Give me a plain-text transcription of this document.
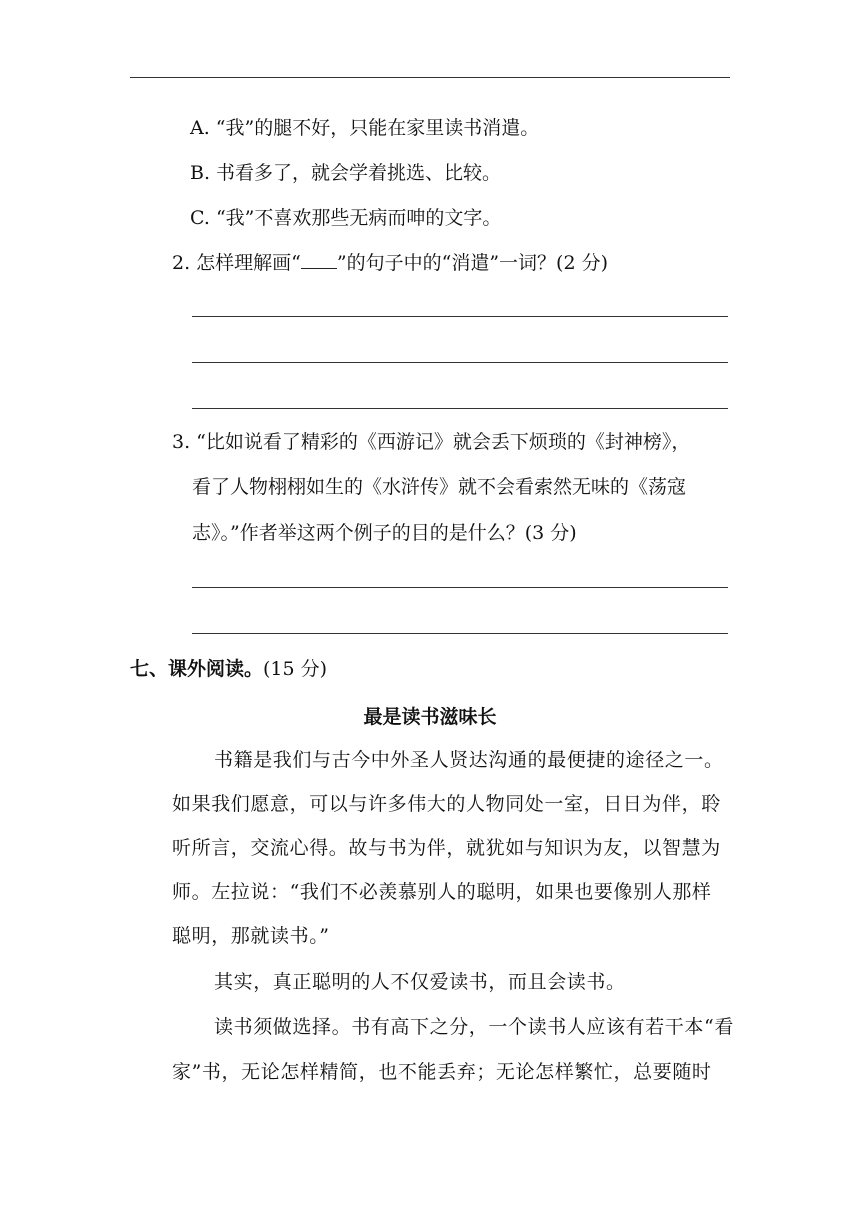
A. “我”的腿不好，只能在家里读书消遣。
B. 书看多了，就会学着挑选、比较。
C. “我”不喜欢那些无病而呻的文字。
2. 怎样理解画“ ”的句子中的“消遣”一词？(2 分)
3. “比如说看了精彩的《西游记》就会丢下烦琐的《封神榜》，
看了人物栩栩如生的《水浒传》就不会看索然无味的《荡寇
志》。”作者举这两个例子的目的是什么？(3 分)
七、课外阅读。(15 分)
最是读书滋味长
书籍是我们与古今中外圣人贤达沟通的最便捷的途径之一。
如果我们愿意，可以与许多伟大的人物同处一室，日日为伴，聆
听所言，交流心得。故与书为伴，就犹如与知识为友，以智慧为
师。左拉说：“我们不必羡慕别人的聪明，如果也要像别人那样
聪明，那就读书。”
其实，真正聪明的人不仅爱读书，而且会读书。
读书须做选择。书有高下之分，一个读书人应该有若干本“看
家”书，无论怎样精简，也不能丢弃；无论怎样繁忙，总要随时
